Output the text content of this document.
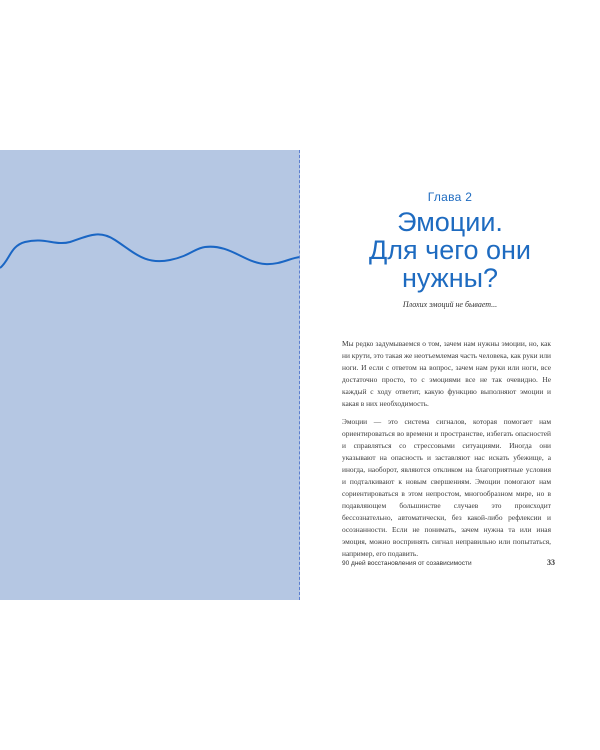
Глава 2
Эмоции.
Для чего они
нужны?
Плохих эмоций не бывает...

Мы редко задумываемся о том, зачем нам нужны эмоции, но, как ни крути, это такая же неотъемлемая часть человека, как руки или ноги. И если с ответом на вопрос, зачем нам руки или ноги, все достаточно просто, то с эмоциями все не так очевидно. Не каждый с ходу ответит, какую функцию выполняют эмоции и какая в них необходимость.

Эмоции — это система сигналов, которая помогает нам ориентироваться во времени и пространстве, избегать опасностей и справляться со стрессовыми ситуациями. Иногда они указывают на опасность и заставляют нас искать убежище, а иногда, наоборот, являются откликом на благоприятные условия и подталкивают к новым свершениям. Эмоции помогают нам сориентироваться в этом непростом, многообразном мире, но в подавляющем большинстве случаев это происходит бессознательно, автоматически, без какой-либо рефлексии и осознанности. Если не понимать, зачем нужна та или иная эмоция, можно воспринять сигнал неправильно или попытаться, например, его подавить.

90 дней восстановления от созависимости	33
